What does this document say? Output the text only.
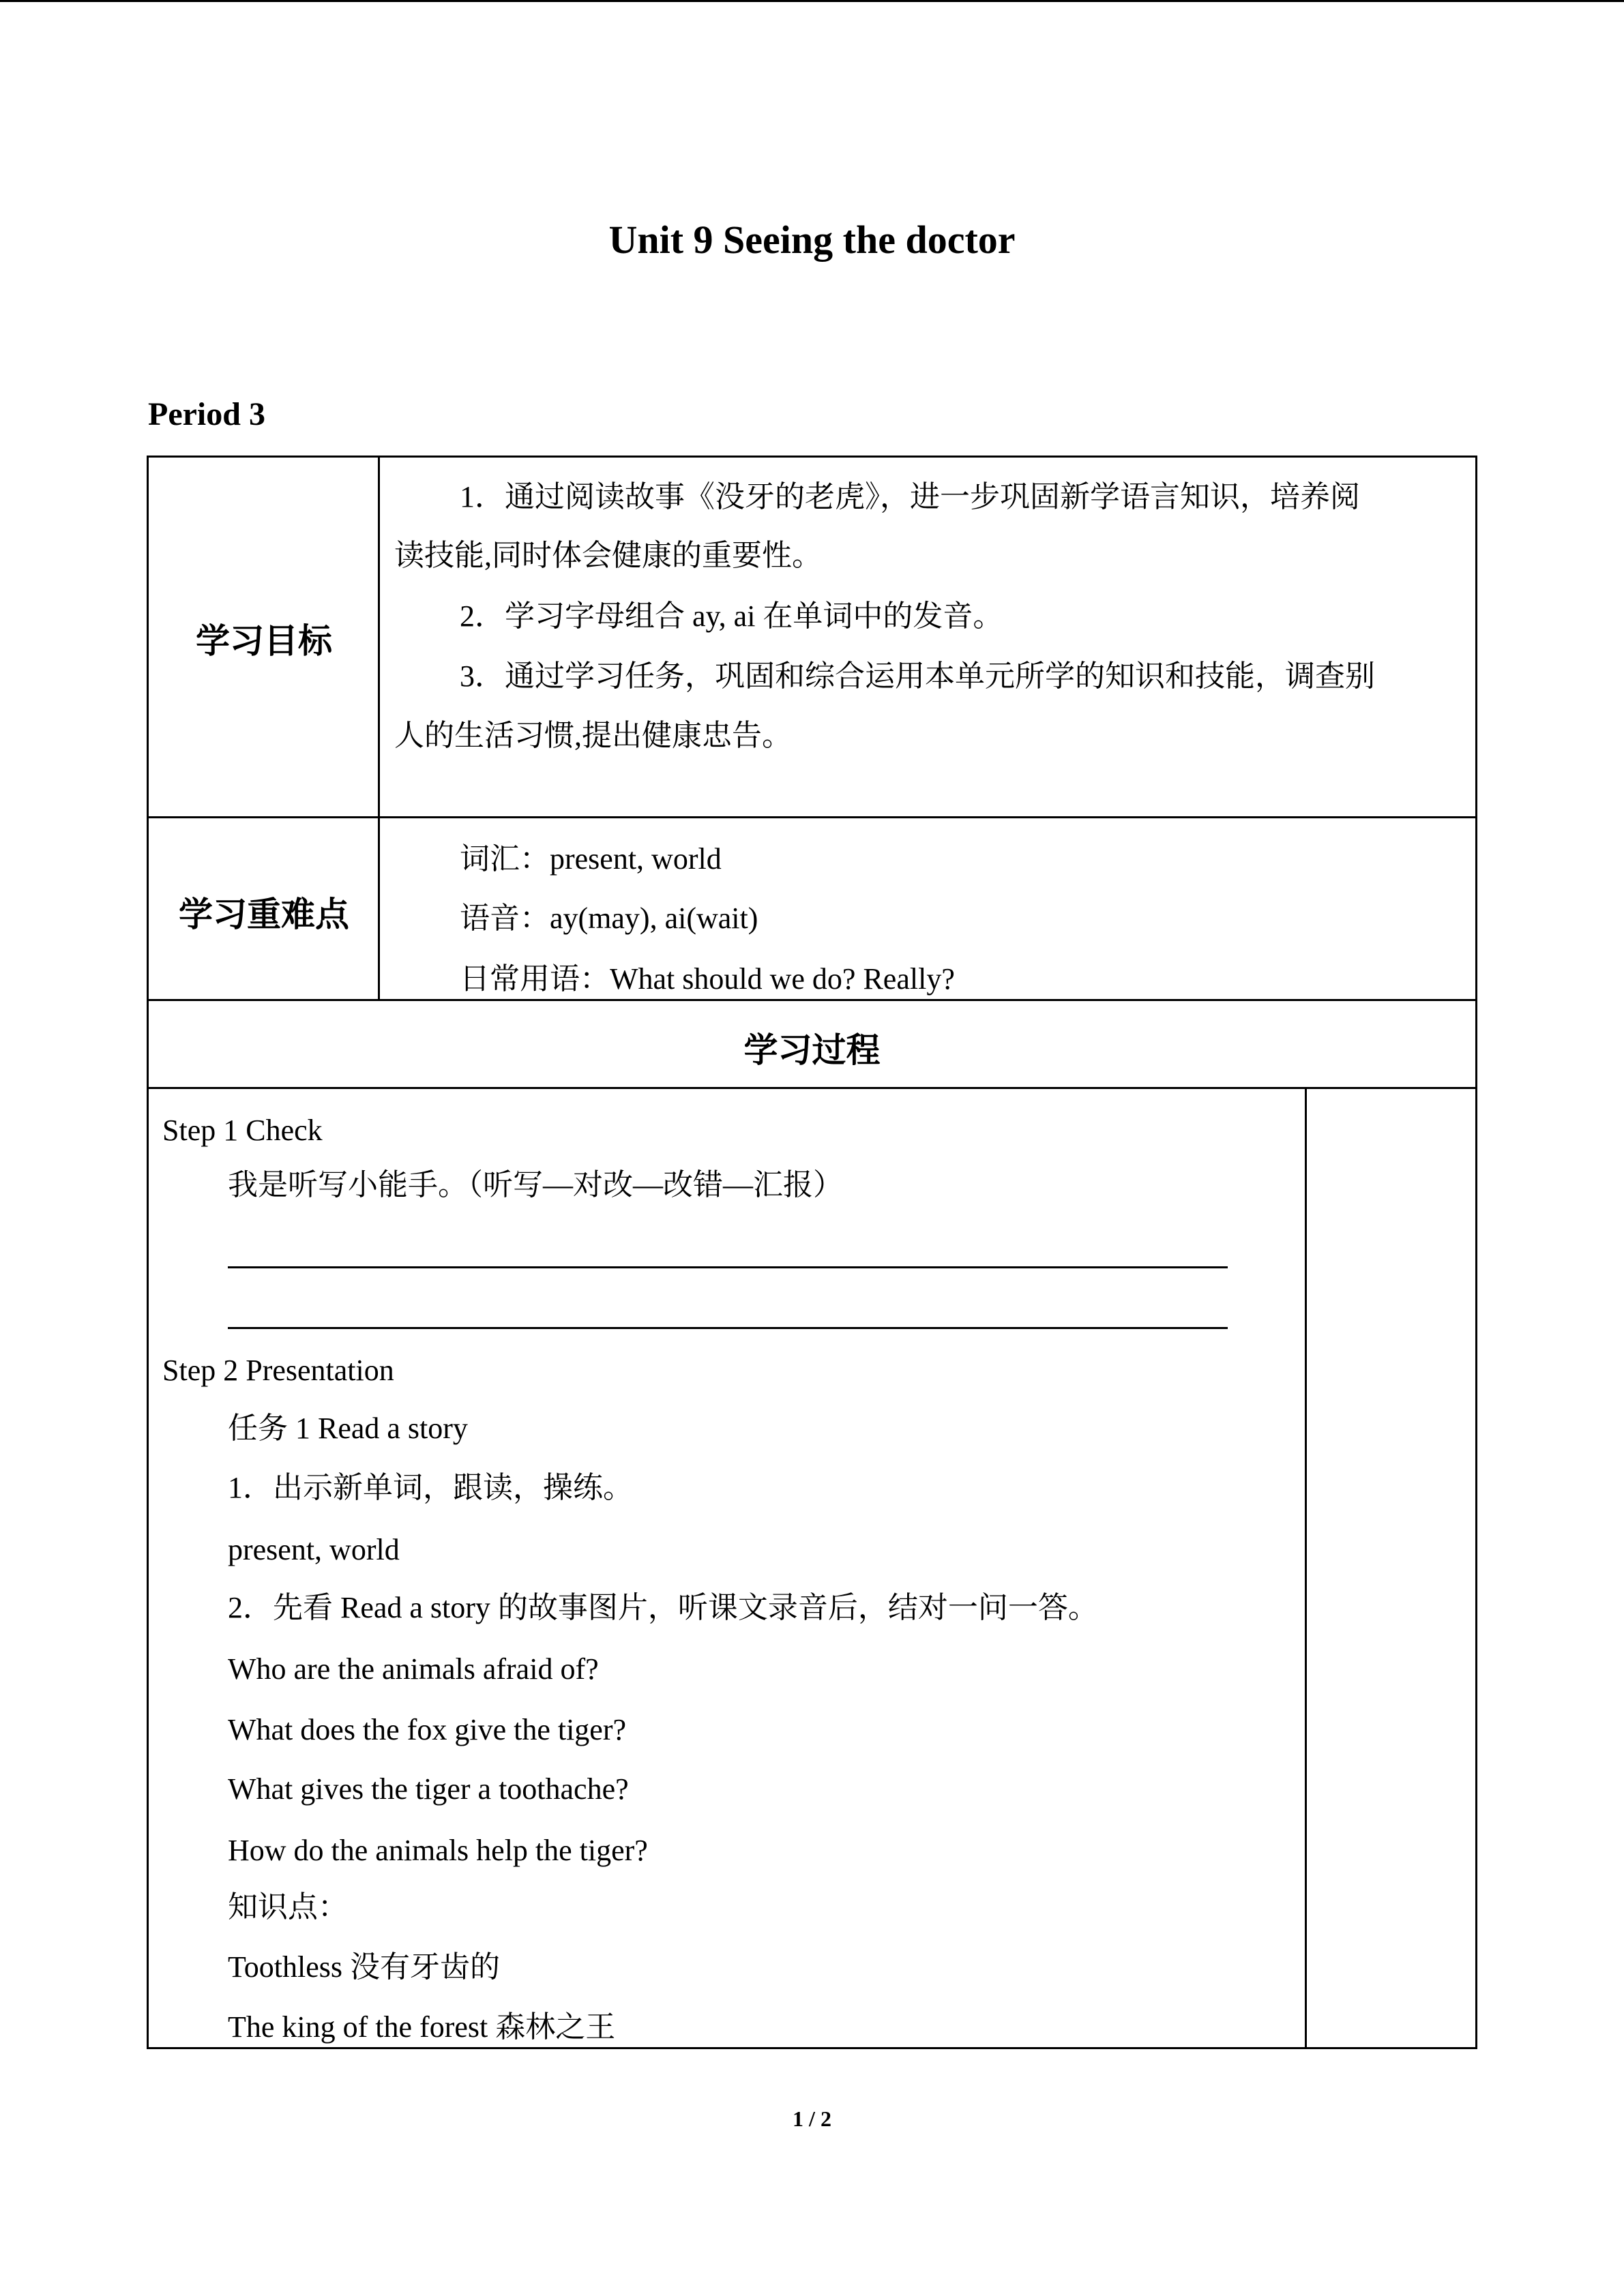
Unit 9 Seeing the doctor
Period 3
学习目标
1．通过阅读故事《没牙的老虎》，进一步巩固新学语言知识，培养阅
读技能,同时体会健康的重要性。
2．学习字母组合 ay, ai 在单词中的发音。
3．通过学习任务，巩固和综合运用本单元所学的知识和技能，调查别
人的生活习惯,提出健康忠告。
学习重难点
词汇：present, world
语音：ay(may), ai(wait)
日常用语：What should we do? Really?
学习过程
Step 1 Check
我是听写小能手。（听写—对改—改错—汇报）
Step 2 Presentation
任务 1 Read a story
1．出示新单词，跟读，操练。
present, world
2．先看 Read a story 的故事图片，听课文录音后，结对一问一答。
Who are the animals afraid of?
What does the fox give the tiger?
What gives the tiger a toothache?
How do the animals help the tiger?
知识点：
Toothless 没有牙齿的
The king of the forest 森林之王
1 / 2
